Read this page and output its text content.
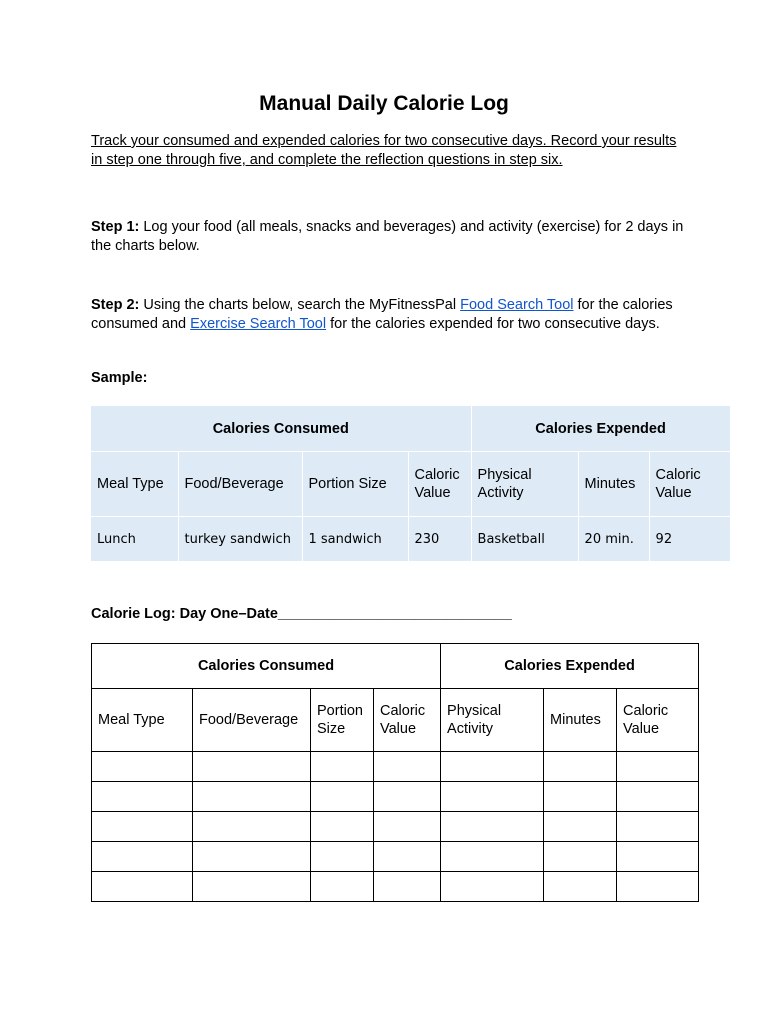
Manual Daily Calorie Log

Track your consumed and expended calories for two consecutive days. Record your results in step one through five, and complete the reflection questions in step six.

Step 1: Log your food (all meals, snacks and beverages) and activity (exercise) for 2 days in the charts below.

Step 2: Using the charts below, search the MyFitnessPal Food Search Tool for the calories consumed and Exercise Search Tool for the calories expended for two consecutive days.

Sample:

Calories Consumed				Calories Expended		
Meal Type	Food/Beverage	Portion Size	Caloric Value	Physical Activity	Minutes	Caloric Value
Lunch	turkey sandwich	1 sandwich	230	Basketball	20 min.	92

Calorie Log: Day One–Date_____________________________

Calories Consumed				Calories Expended		
Meal Type	Food/Beverage	Portion Size	Caloric Value	Physical Activity	Minutes	Caloric Value
